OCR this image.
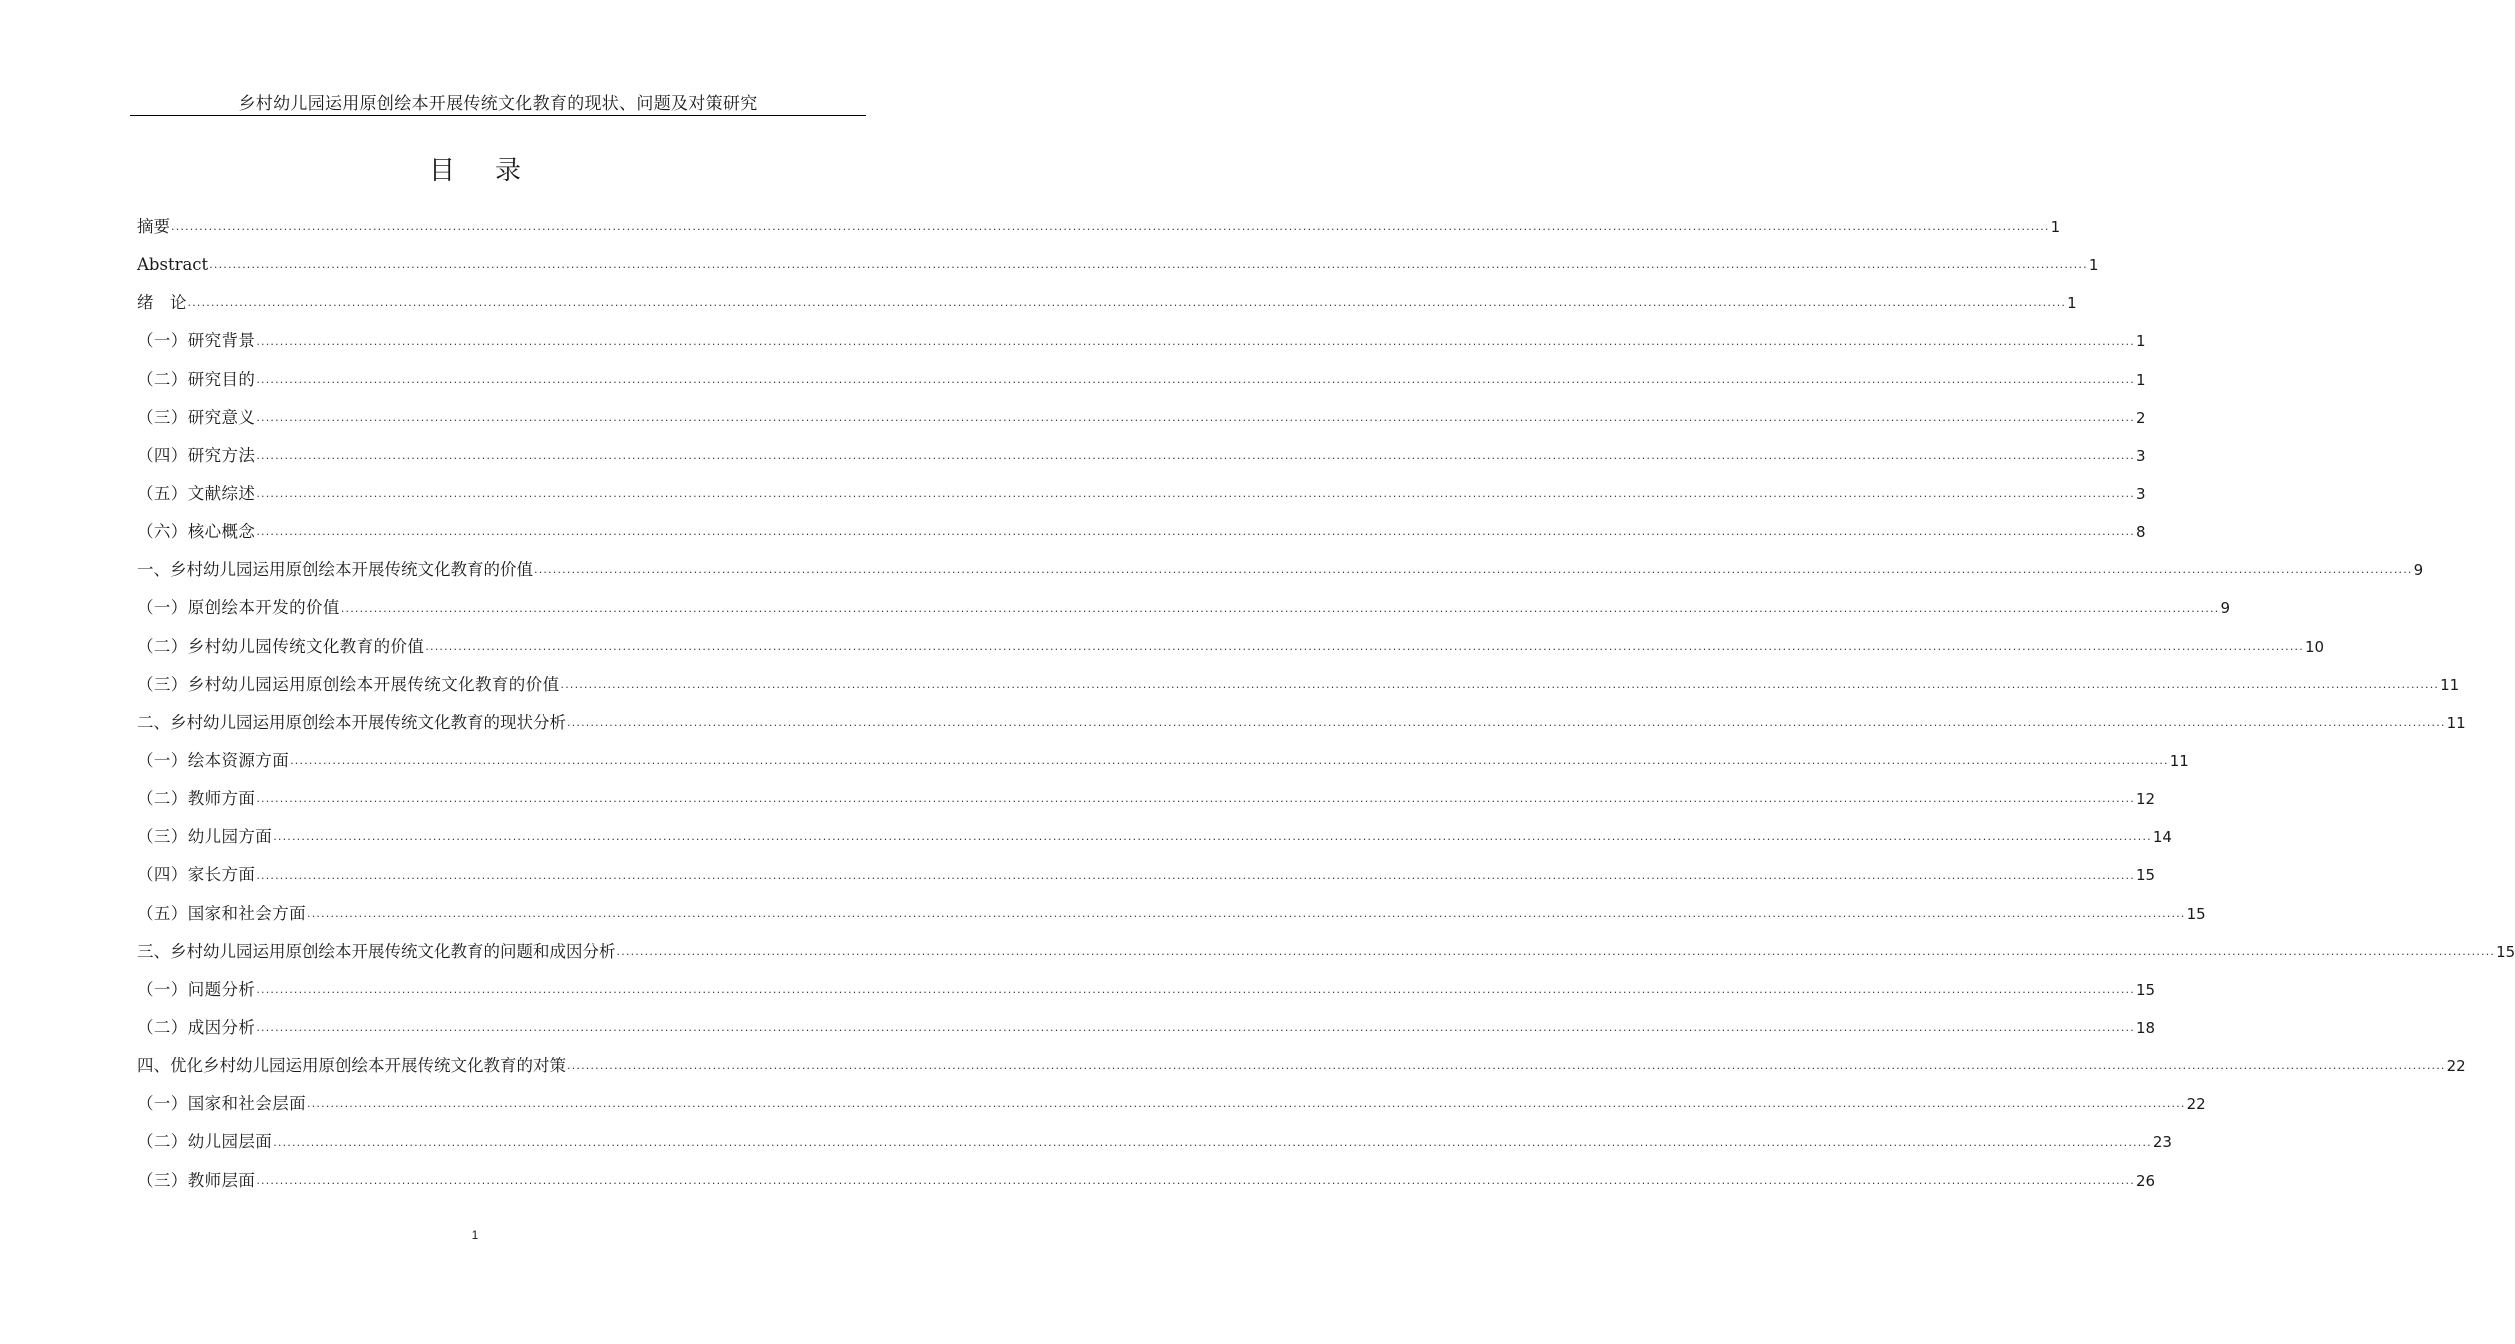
乡村幼儿园运用原创绘本开展传统文化教育的现状、问题及对策研究
目录
摘要 ................................................................................................................................................................................................................................................................................................................................................................................................................ 1
Abstract ................................................................................................................................................................................................................................................................................................................................................................................................................ 1
绪　论 ................................................................................................................................................................................................................................................................................................................................................................................................................ 1
（一）研究背景 ................................................................................................................................................................................................................................................................................................................................................................................................................ 1
（二）研究目的 ................................................................................................................................................................................................................................................................................................................................................................................................................ 1
（三）研究意义 ................................................................................................................................................................................................................................................................................................................................................................................................................ 2
（四）研究方法 ................................................................................................................................................................................................................................................................................................................................................................................................................ 3
（五）文献综述 ................................................................................................................................................................................................................................................................................................................................................................................................................ 3
（六）核心概念 ................................................................................................................................................................................................................................................................................................................................................................................................................ 8
一、乡村幼儿园运用原创绘本开展传统文化教育的价值 ................................................................................................................................................................................................................................................................................................................................................................................................................ 9
（一）原创绘本开发的价值 ................................................................................................................................................................................................................................................................................................................................................................................................................ 9
（二）乡村幼儿园传统文化教育的价值 ................................................................................................................................................................................................................................................................................................................................................................................................................ 10
（三）乡村幼儿园运用原创绘本开展传统文化教育的价值 ................................................................................................................................................................................................................................................................................................................................................................................................................ 11
二、乡村幼儿园运用原创绘本开展传统文化教育的现状分析 ................................................................................................................................................................................................................................................................................................................................................................................................................ 11
（一）绘本资源方面 ................................................................................................................................................................................................................................................................................................................................................................................................................ 11
（二）教师方面 ................................................................................................................................................................................................................................................................................................................................................................................................................ 12
（三）幼儿园方面 ................................................................................................................................................................................................................................................................................................................................................................................................................ 14
（四）家长方面 ................................................................................................................................................................................................................................................................................................................................................................................................................ 15
（五）国家和社会方面 ................................................................................................................................................................................................................................................................................................................................................................................................................ 15
三、乡村幼儿园运用原创绘本开展传统文化教育的问题和成因分析 ................................................................................................................................................................................................................................................................................................................................................................................................................ 15
（一）问题分析 ................................................................................................................................................................................................................................................................................................................................................................................................................ 15
（二）成因分析 ................................................................................................................................................................................................................................................................................................................................................................................................................ 18
四、优化乡村幼儿园运用原创绘本开展传统文化教育的对策 ................................................................................................................................................................................................................................................................................................................................................................................................................ 22
（一）国家和社会层面 ................................................................................................................................................................................................................................................................................................................................................................................................................ 22
（二）幼儿园层面 ................................................................................................................................................................................................................................................................................................................................................................................................................ 23
（三）教师层面 ................................................................................................................................................................................................................................................................................................................................................................................................................ 26
1
